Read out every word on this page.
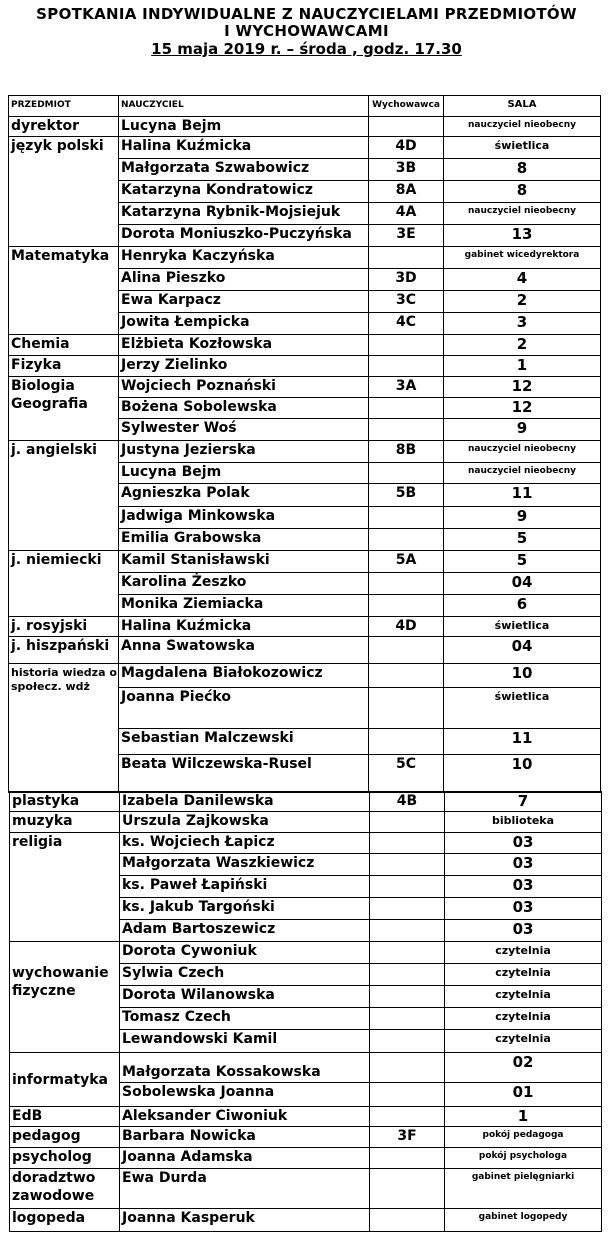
SPOTKANIA INDYWIDUALNE Z NAUCZYCIELAMI PRZEDMIOTÓW
I WYCHOWAWCAMI
15 maja 2019 r. – środa , godz. 17.30
PRZEDMIOT	NAUCZYCIEL	Wychowawca	SALA
dyrektor	Lucyna Bejm		nauczyciel nieobecny
język polski	Halina Kuźmicka	4D	świetlica
	Małgorzata Szwabowicz	3B	8
	Katarzyna Kondratowicz	8A	8
	Katarzyna Rybnik-Mojsiejuk	4A	nauczyciel nieobecny
	Dorota Moniuszko-Puczyńska	3E	13
Matematyka	Henryka Kaczyńska		gabinet wicedyrektora
	Alina Pieszko	3D	4
	Ewa Karpacz	3C	2
	Jowita Łempicka	4C	3
Chemia	Elżbieta Kozłowska		2
Fizyka	Jerzy Zielinko		1
Biologia Geografia	Wojciech Poznański	3A	12
	Bożena Sobolewska		12
	Sylwester Woś		9
j. angielski	Justyna Jezierska	8B	nauczyciel nieobecny
	Lucyna Bejm		nauczyciel nieobecny
	Agnieszka Polak	5B	11
	Jadwiga Minkowska		9
	Emilia Grabowska		5
j. niemiecki	Kamil Stanisławski	5A	5
	Karolina Żeszko		04
	Monika Ziemiacka		6
j. rosyjski	Halina Kuźmicka	4D	świetlica
j. hiszpański	Anna Swatowska		04
historia wiedza o społecz. wdż	Magdalena Białokozowicz		10
	Joanna Piećko		świetlica
	Sebastian Malczewski		11
	Beata Wilczewska-Rusel	5C	10
plastyka	Izabela Danilewska	4B	7
muzyka	Urszula Zajkowska		biblioteka
religia	ks. Wojciech Łapicz		03
	Małgorzata Waszkiewicz		03
	ks. Paweł Łapiński		03
	ks. Jakub Targoński		03
	Adam Bartoszewicz		03
wychowanie fizyczne	Dorota Cywoniuk		czytelnia
	Sylwia Czech		czytelnia
	Dorota Wilanowska		czytelnia
	Tomasz Czech		czytelnia
	Lewandowski Kamil		czytelnia
informatyka	Małgorzata Kossakowska		02
	Sobolewska Joanna		01
EdB	Aleksander Ciwoniuk		1
pedagog	Barbara Nowicka	3F	pokój pedagoga
psycholog	Joanna Adamska		pokój psychologa
doradztwo zawodowe	Ewa Durda		gabinet pielęgniarki
logopeda	Joanna Kasperuk		gabinet logopedy
